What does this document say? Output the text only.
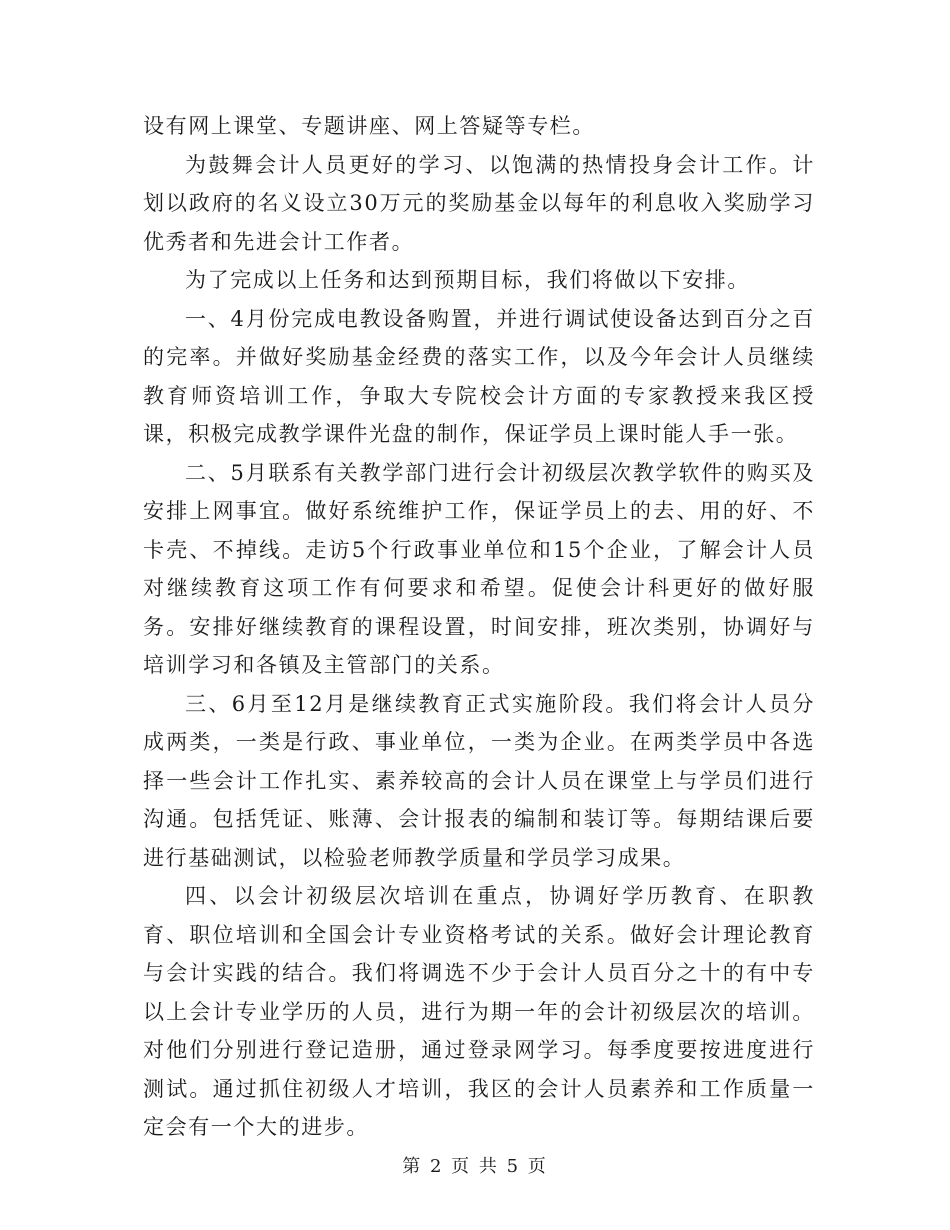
设有网上课堂、专题讲座、网上答疑等专栏。

为鼓舞会计人员更好的学习、以饱满的热情投身会计工作。计划以政府的名义设立30万元的奖励基金以每年的利息收入奖励学习优秀者和先进会计工作者。

为了完成以上任务和达到预期目标，我们将做以下安排。

一、4月份完成电教设备购置，并进行调试使设备达到百分之百的完率。并做好奖励基金经费的落实工作，以及今年会计人员继续教育师资培训工作，争取大专院校会计方面的专家教授来我区授课，积极完成教学课件光盘的制作，保证学员上课时能人手一张。

二、5月联系有关教学部门进行会计初级层次教学软件的购买及安排上网事宜。做好系统维护工作，保证学员上的去、用的好、不卡壳、不掉线。走访5个行政事业单位和15个企业，了解会计人员对继续教育这项工作有何要求和希望。促使会计科更好的做好服务。安排好继续教育的课程设置，时间安排，班次类别，协调好与培训学习和各镇及主管部门的关系。

三、6月至12月是继续教育正式实施阶段。我们将会计人员分成两类，一类是行政、事业单位，一类为企业。在两类学员中各选择一些会计工作扎实、素养较高的会计人员在课堂上与学员们进行沟通。包括凭证、账薄、会计报表的编制和装订等。每期结课后要进行基础测试，以检验老师教学质量和学员学习成果。

四、以会计初级层次培训在重点，协调好学历教育、在职教育、职位培训和全国会计专业资格考试的关系。做好会计理论教育与会计实践的结合。我们将调选不少于会计人员百分之十的有中专以上会计专业学历的人员，进行为期一年的会计初级层次的培训。对他们分别进行登记造册，通过登录网学习。每季度要按进度进行测试。通过抓住初级人才培训，我区的会计人员素养和工作质量一定会有一个大的进步。

第 2 页 共 5 页
